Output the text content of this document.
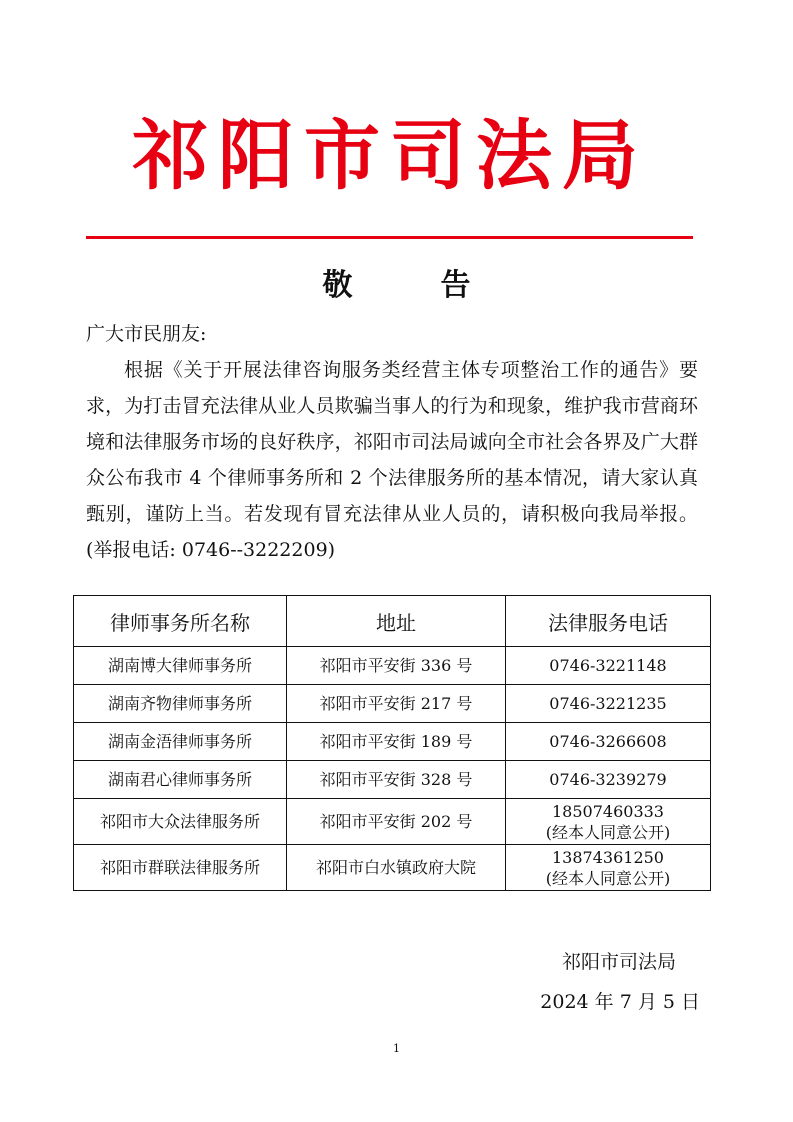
祁阳市司法局
敬告

广大市民朋友:

根据《关于开展法律咨询服务类经营主体专项整治工作的通告》要求，为打击冒充法律从业人员欺骗当事人的行为和现象，维护我市营商环境和法律服务市场的良好秩序，祁阳市司法局诚向全市社会各界及广大群众公布我市 4 个律师事务所和 2 个法律服务所的基本情况，请大家认真甄别，谨防上当。若发现有冒充法律从业人员的，请积极向我局举报。(举报电话: 0746--3222209)

律师事务所名称	地址	法律服务电话
湖南博大律师事务所	祁阳市平安街 336 号	0746-3221148
湖南齐物律师事务所	祁阳市平安街 217 号	0746-3221235
湖南金浯律师事务所	祁阳市平安街 189 号	0746-3266608
湖南君心律师事务所	祁阳市平安街 328 号	0746-3239279
祁阳市大众法律服务所	祁阳市平安街 202 号	18507460333
(经本人同意公开)

祁阳市群联法律服务所	祁阳市白水镇政府大院	13874361250
(经本人同意公开)
祁阳市司法局
2024 年 7 月 5 日
1
